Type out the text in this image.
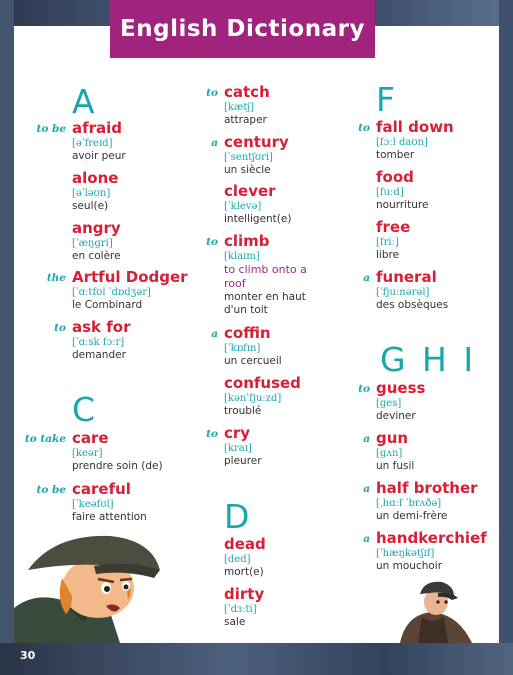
English Dictionary
A
to be afraid
[əˈfreɪd]
avoir peur
alone
[əˈləʊn]
seul(e)
angry
[ˈæŋgri]
en colère
the Artful Dodger
[ˈɑːtfʊl ˈdɒdʒər]
le Combinard
to ask for
[ˈɑːsk fɔːr]
demander
C
to take care
[keər]
prendre soin (de)
to be careful
[ˈkeəfʊl]
faire attention
to catch
[kætʃ]
attraper
a century
[ˈsentʃʊri]
un siècle
clever
[ˈklevə]
intelligent(e)
to climb
[klaɪm]
to climb onto a roof
monter en haut d'un toit
a coffin
[ˈkɒfɪn]
un cercueil
confused
[kənˈfjuːzd]
troublé
to cry
[kraɪ]
pleurer
D
dead
[ded]
mort(e)
dirty
[ˈdɜːti]
sale
F
to fall down
[fɔːl daʊn]
tomber
food
[fuːd]
nourriture
free
[friː]
libre
a funeral
[ˈfjuːnərəl]
des obsèques
G H I
to guess
[ges]
deviner
a gun
[gʌn]
un fusil
a half brother
[ˌhɑːf ˈbrʌðə]
un demi-frère
a handkerchief
[ˈhæŋkətʃɪf]
un mouchoir
30
